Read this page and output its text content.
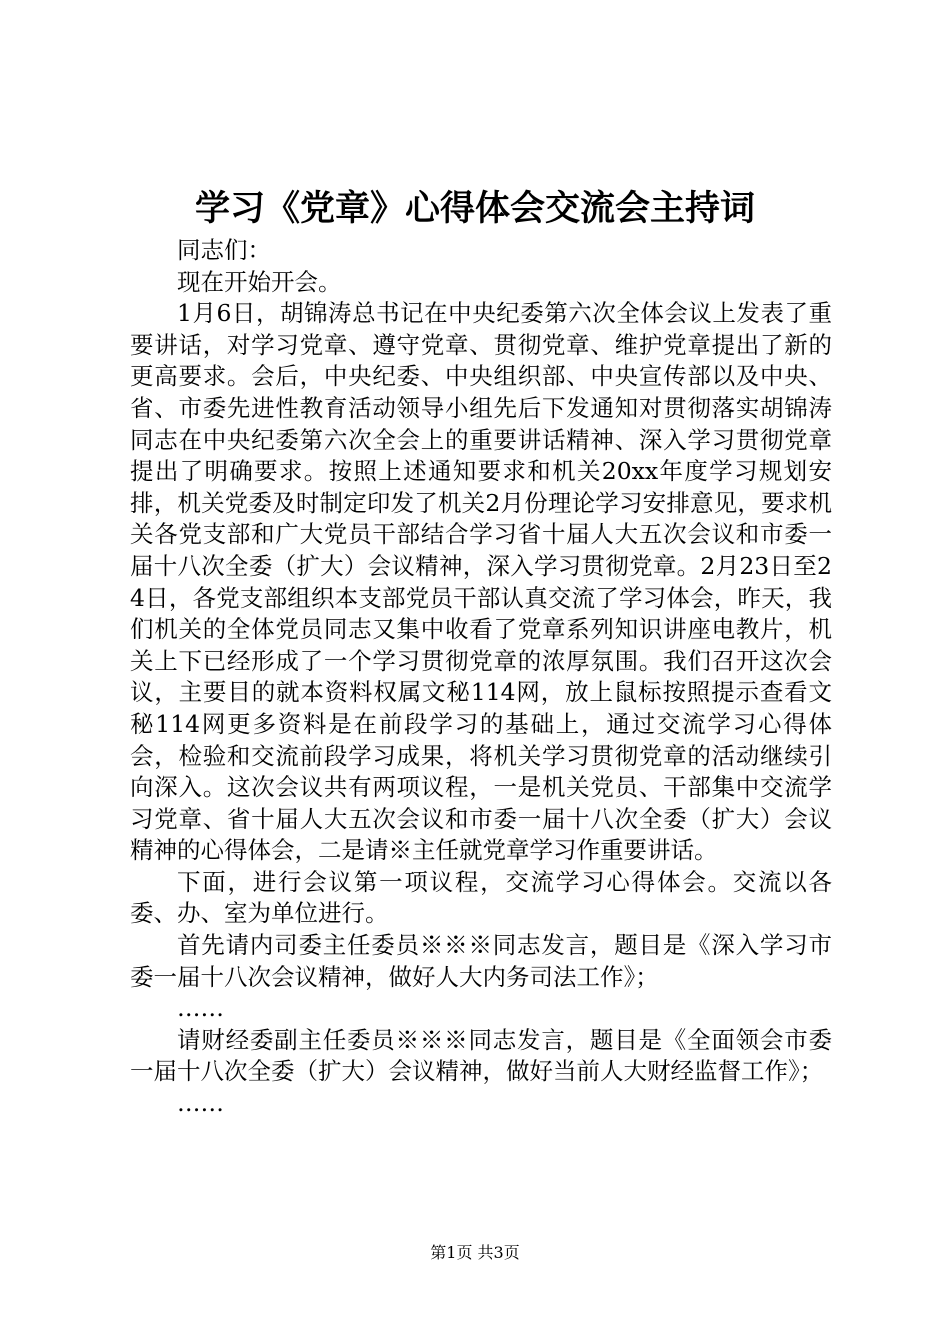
学习《党章》心得体会交流会主持词

同志们：

现在开始开会。

1月6日，胡锦涛总书记在中央纪委第六次全体会议上发表了重要讲话，对学习党章、遵守党章、贯彻党章、维护党章提出了新的更高要求。会后，中央纪委、中央组织部、中央宣传部以及中央、省、市委先进性教育活动领导小组先后下发通知对贯彻落实胡锦涛同志在中央纪委第六次全会上的重要讲话精神、深入学习贯彻党章提出了明确要求。按照上述通知要求和机关20xx年度学习规划安排，机关党委及时制定印发了机关2月份理论学习安排意见，要求机关各党支部和广大党员干部结合学习省十届人大五次会议和市委一届十八次全委（扩大）会议精神，深入学习贯彻党章。2月23日至24日，各党支部组织本支部党员干部认真交流了学习体会，昨天，我们机关的全体党员同志又集中收看了党章系列知识讲座电教片，机关上下已经形成了一个学习贯彻党章的浓厚氛围。我们召开这次会议，主要目的就本资料权属文秘114网，放上鼠标按照提示查看文秘114网更多资料是在前段学习的基础上，通过交流学习心得体会，检验和交流前段学习成果，将机关学习贯彻党章的活动继续引向深入。这次会议共有两项议程，一是机关党员、干部集中交流学习党章、省十届人大五次会议和市委一届十八次全委（扩大）会议精神的心得体会，二是请※主任就党章学习作重要讲话。

下面，进行会议第一项议程，交流学习心得体会。交流以各委、办、室为单位进行。

首先请内司委主任委员※※※同志发言，题目是《深入学习市委一届十八次会议精神，做好人大内务司法工作》；

……

请财经委副主任委员※※※同志发言，题目是《全面领会市委一届十八次全委（扩大）会议精神，做好当前人大财经监督工作》；

……

第1页 共3页
